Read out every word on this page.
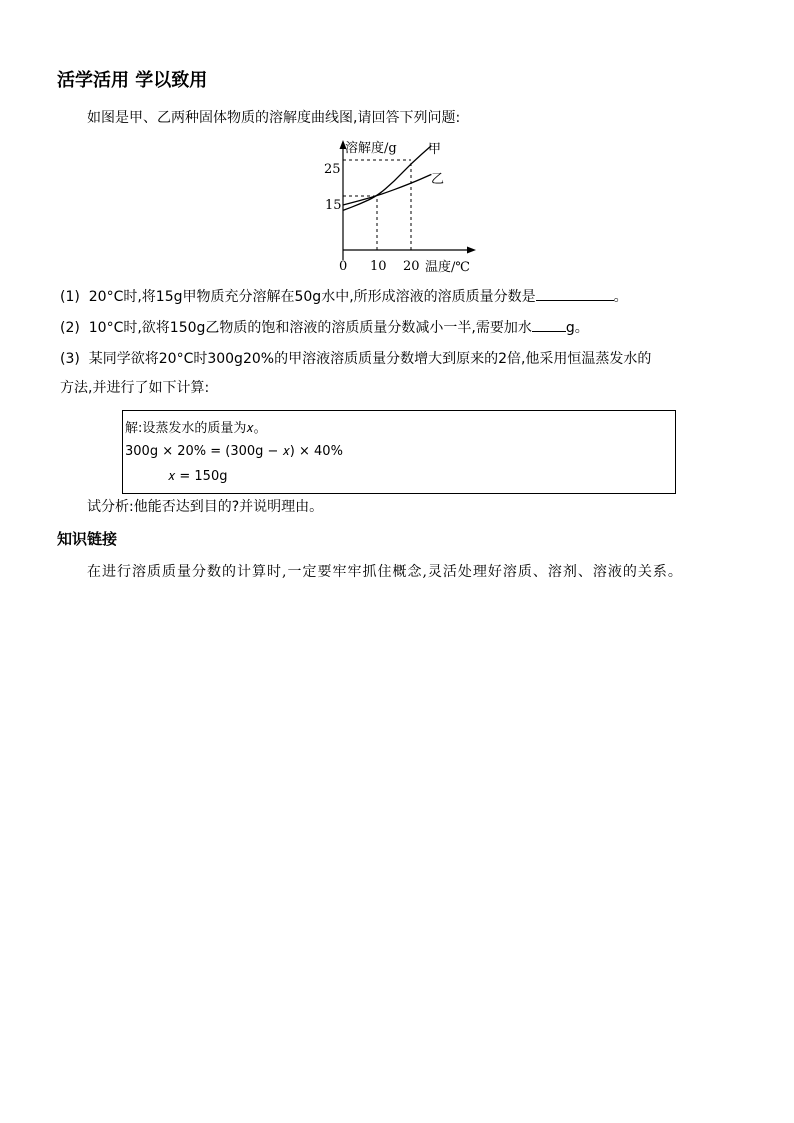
活学活用 学以致用
如图是甲、乙两种固体物质的溶解度曲线图,请回答下列问题:
溶解度/g 甲
乙
25
15
0 10 20 温度/℃
(1) 20°C时,将15g甲物质充分溶解在50g水中,所形成溶液的溶质质量分数是	。
(2) 10°C时,欲将150g乙物质的饱和溶液的溶质质量分数减小一半,需要加水 g。
(3) 某同学欲将20°C时300g20%的甲溶液溶质质量分数增大到原来的2倍,他采用恒温蒸发水的
方法,并进行了如下计算:
解:设蒸发水的质量为𝑥。
300g × 20% = (300g − 𝑥) × 40%
𝑥 = 150g
试分析:他能否达到目的?并说明理由。
知识链接
在进行溶质质量分数的计算时,一定要牢牢抓住概念,灵活处理好溶质、溶剂、溶液的关系。
